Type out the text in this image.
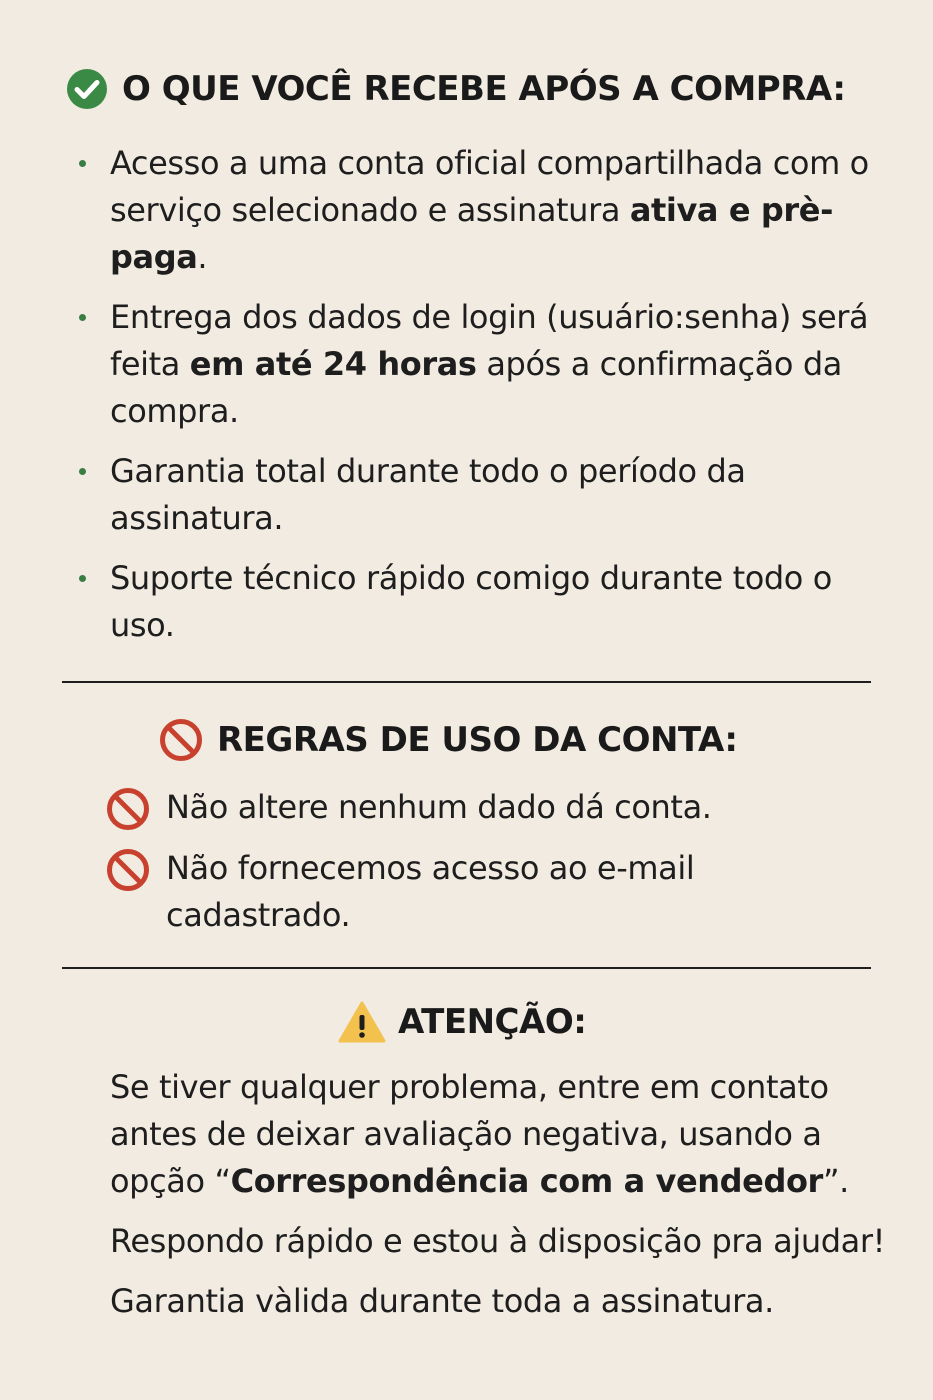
O QUE VOCÊ RECEBE APÓS A COMPRA:
Acesso a uma conta oficial compartilhada com o serviço selecionado e assinatura ativa e prè-paga.
Entrega dos dados de login (usuário:senha) será feita em até 24 horas após a confirmação da compra.
Garantia total durante todo o período da assinatura.
Suporte técnico rápido comigo durante todo o uso.
REGRAS DE USO DA CONTA:
Não altere nenhum dado dá conta.
Não fornecemos acesso ao e-mail cadastrado.
ATENÇÃO:

Se tiver qualquer problema, entre em contato antes de deixar avaliação negativa, usando a opção “Correspondência com a vendedor”.

Respondo rápido e estou à disposição pra ajudar!

Garantia vàlida durante toda a assinatura.
